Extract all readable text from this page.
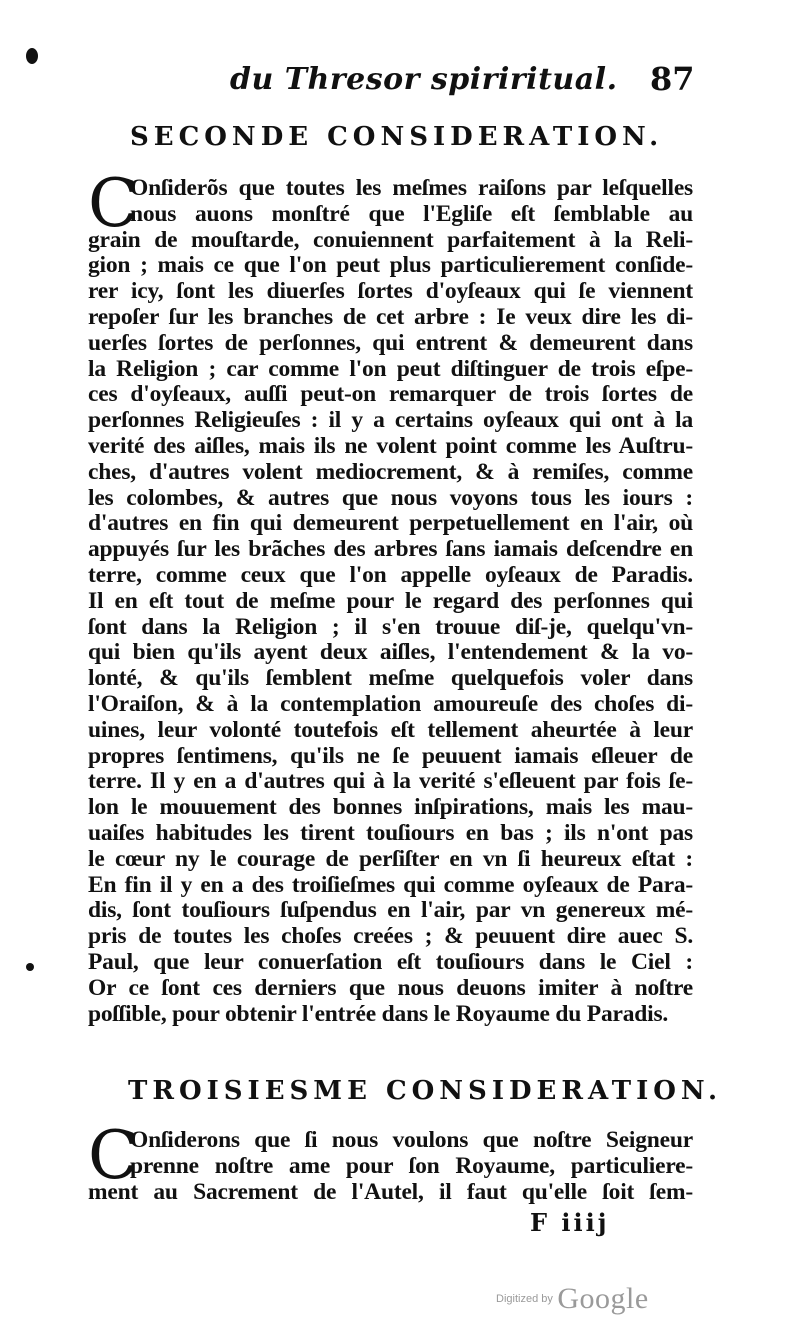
du Thresor spiriritual. 87
SECONDE CONSIDERATION.
C
Onſiderõs que toutes les meſmes raiſons par leſquelles
nous auons monſtré que l'Egliſe eſt ſemblable au
grain de mouſtarde, conuiennent parfaitement à la Reli-
gion ; mais ce que l'on peut plus particulierement conſide-
rer icy, ſont les diuerſes ſortes d'oyſeaux qui ſe viennent
repoſer ſur les branches de cet arbre : Ie veux dire les di-
uerſes ſortes de perſonnes, qui entrent & demeurent dans
la Religion ; car comme l'on peut diſtinguer de trois eſpe-
ces d'oyſeaux, auſſi peut-on remarquer de trois ſortes de
perſonnes Religieuſes : il y a certains oyſeaux qui ont à la
verité des aiſles, mais ils ne volent point comme les Auſtru-
ches, d'autres volent mediocrement, & à remiſes, comme
les colombes, & autres que nous voyons tous les iours :
d'autres en fin qui demeurent perpetuellement en l'air, où
appuyés ſur les brãches des arbres ſans iamais deſcendre en
terre, comme ceux que l'on appelle oyſeaux de Paradis.
Il en eſt tout de meſme pour le regard des perſonnes qui
ſont dans la Religion ; il s'en trouue diſ-je, quelqu'vn-
qui bien qu'ils ayent deux aiſles, l'entendement & la vo-
lonté, & qu'ils ſemblent meſme quelquefois voler dans
l'Oraiſon, & à la contemplation amoureuſe des choſes di-
uines, leur volonté toutefois eſt tellement aheurtée à leur
propres ſentimens, qu'ils ne ſe peuuent iamais eſleuer de
terre. Il y en a d'autres qui à la verité s'eſleuent par fois ſe-
lon le mouuement des bonnes inſpirations, mais les mau-
uaiſes habitudes les tirent touſiours en bas ; ils n'ont pas
le cœur ny le courage de perſiſter en vn ſi heureux eſtat :
En fin il y en a des troiſieſmes qui comme oyſeaux de Para-
dis, ſont touſiours ſuſpendus en l'air, par vn genereux mé-
pris de toutes les choſes creées ; & peuuent dire auec S.
Paul, que leur conuerſation eſt touſiours dans le Ciel :
Or ce ſont ces derniers que nous deuons imiter à noſtre
poſſible, pour obtenir l'entrée dans le Royaume du Paradis.
TROISIESME CONSIDERATION.
C
Onſiderons que ſi nous voulons que noſtre Seigneur
prenne noſtre ame pour ſon Royaume, particuliere-
ment au Sacrement de l'Autel, il faut qu'elle ſoit ſem-
F iiij
Digitized by Google
